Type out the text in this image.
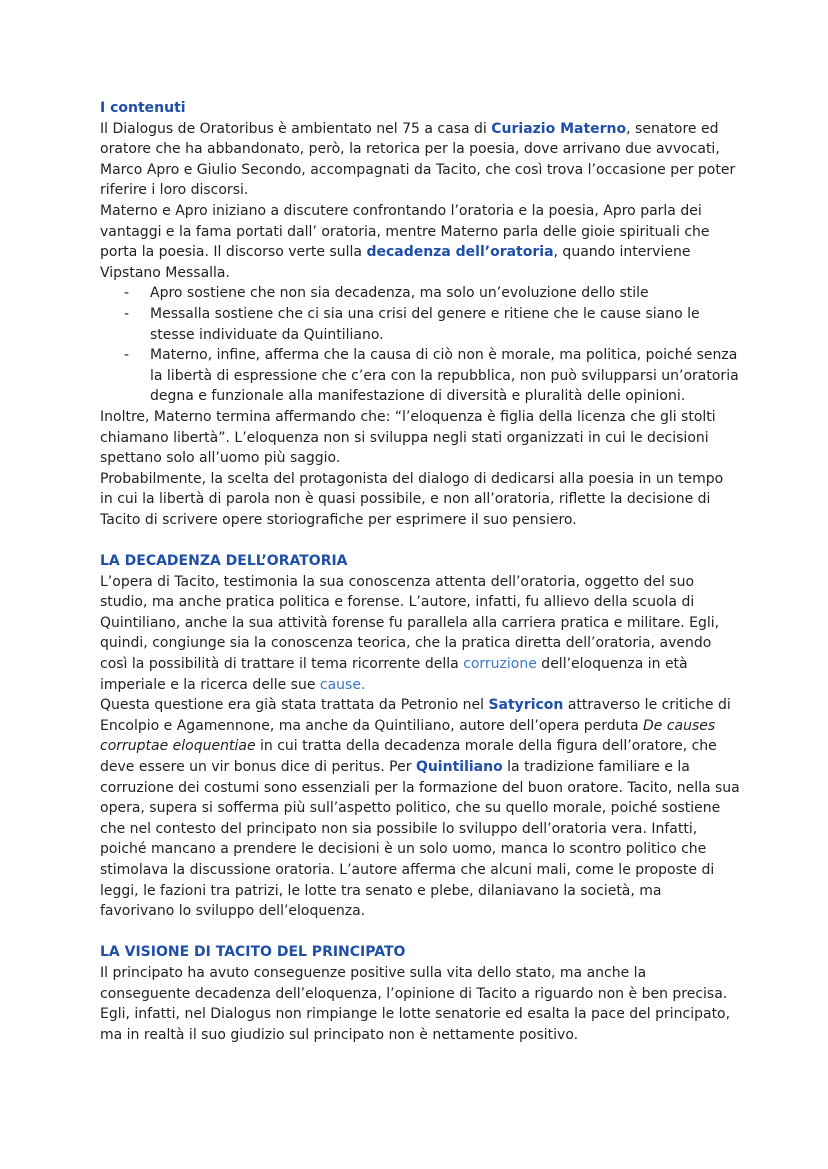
I contenuti

Il Dialogus de Oratoribus è ambientato nel 75 a casa di Curiazio Materno, senatore ed oratore che ha abbandonato, però, la retorica per la poesia, dove arrivano due avvocati, Marco Apro e Giulio Secondo, accompagnati da Tacito, che così trova l’occasione per poter riferire i loro discorsi.

Materno e Apro iniziano a discutere confrontando l’oratoria e la poesia, Apro parla dei vantaggi e la fama portati dall’ oratoria, mentre Materno parla delle gioie spirituali che porta la poesia. Il discorso verte sulla decadenza dell’oratoria, quando interviene Vipstano Messalla.

- Apro sostiene che non sia decadenza, ma solo un’evoluzione dello stile
- Messalla sostiene che ci sia una crisi del genere e ritiene che le cause siano le stesse individuate da Quintiliano.
- Materno, infine, afferma che la causa di ciò non è morale, ma politica, poiché senza la libertà di espressione che c’era con la repubblica, non può svilupparsi un’oratoria degna e funzionale alla manifestazione di diversità e pluralità delle opinioni.

Inoltre, Materno termina affermando che: “l’eloquenza è figlia della licenza che gli stolti chiamano libertà”. L’eloquenza non si sviluppa negli stati organizzati in cui le decisioni spettano solo all’uomo più saggio.

Probabilmente, la scelta del protagonista del dialogo di dedicarsi alla poesia in un tempo in cui la libertà di parola non è quasi possibile, e non all’oratoria, riflette la decisione di Tacito di scrivere opere storiografiche per esprimere il suo pensiero.

LA DECADENZA DELL’ORATORIA

L’opera di Tacito, testimonia la sua conoscenza attenta dell’oratoria, oggetto del suo studio, ma anche pratica politica e forense. L’autore, infatti, fu allievo della scuola di Quintiliano, anche la sua attività forense fu parallela alla carriera pratica e militare. Egli, quindi, congiunge sia la conoscenza teorica, che la pratica diretta dell’oratoria, avendo così la possibilità di trattare il tema ricorrente della corruzione dell’eloquenza in età imperiale e la ricerca delle sue cause.

Questa questione era già stata trattata da Petronio nel Satyricon attraverso le critiche di Encolpio e Agamennone, ma anche da Quintiliano, autore dell’opera perduta De causes corruptae eloquentiae in cui tratta della decadenza morale della figura dell’oratore, che deve essere un vir bonus dice di peritus. Per Quintiliano la tradizione familiare e la corruzione dei costumi sono essenziali per la formazione del buon oratore. Tacito, nella sua opera, supera si sofferma più sull’aspetto politico, che su quello morale, poiché sostiene che nel contesto del principato non sia possibile lo sviluppo dell’oratoria vera. Infatti, poiché mancano a prendere le decisioni è un solo uomo, manca lo scontro politico che stimolava la discussione oratoria. L’autore afferma che alcuni mali, come le proposte di leggi, le fazioni tra patrizi, le lotte tra senato e plebe, dilaniavano la società, ma favorivano lo sviluppo dell’eloquenza.

LA VISIONE DI TACITO DEL PRINCIPATO

Il principato ha avuto conseguenze positive sulla vita dello stato, ma anche la conseguente decadenza dell’eloquenza, l’opinione di Tacito a riguardo non è ben precisa. Egli, infatti, nel Dialogus non rimpiange le lotte senatorie ed esalta la pace del principato, ma in realtà il suo giudizio sul principato non è nettamente positivo.
